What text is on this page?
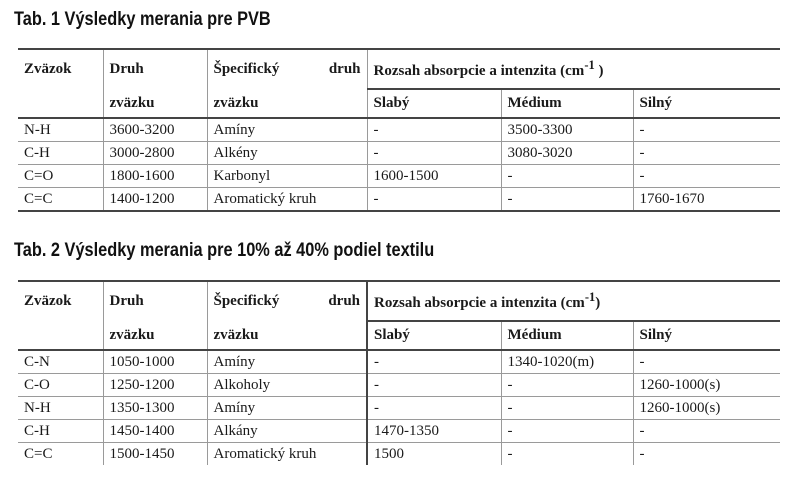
Tab. 1 Výsledky merania pre PVB
Zväzok	Druh	Špecifický druh	Rozsah absorpcie a intenzita ($cm^{-1}$ )		
	zväzku	zväzku	Slabý	Médium	Silný
N-H	3600-3200	Amíny	-	3500-3300	-
C-H	3000-2800	Alkény	-	3080-3020	-
C=O	1800-1600	Karbonyl	1600-1500	-	-
C=C	1400-1200	Aromatický kruh	-	-	1760-1670
Tab. 2 Výsledky merania pre 10% až 40% podiel textilu
Zväzok	Druh	Špecifický druh	Rozsah absorpcie a intenzita $(cm^{-1})$		
	zväzku	zväzku	Slabý	Médium	Silný
C-N	1050-1000	Amíny	-	1340-1020(m)	-
C-O	1250-1200	Alkoholy	-	-	1260-1000(s)
N-H	1350-1300	Amíny	-	-	1260-1000(s)
C-H	1450-1400	Alkány	1470-1350	-	-
C=C	1500-1450	Aromatický kruh	1500	-	-
